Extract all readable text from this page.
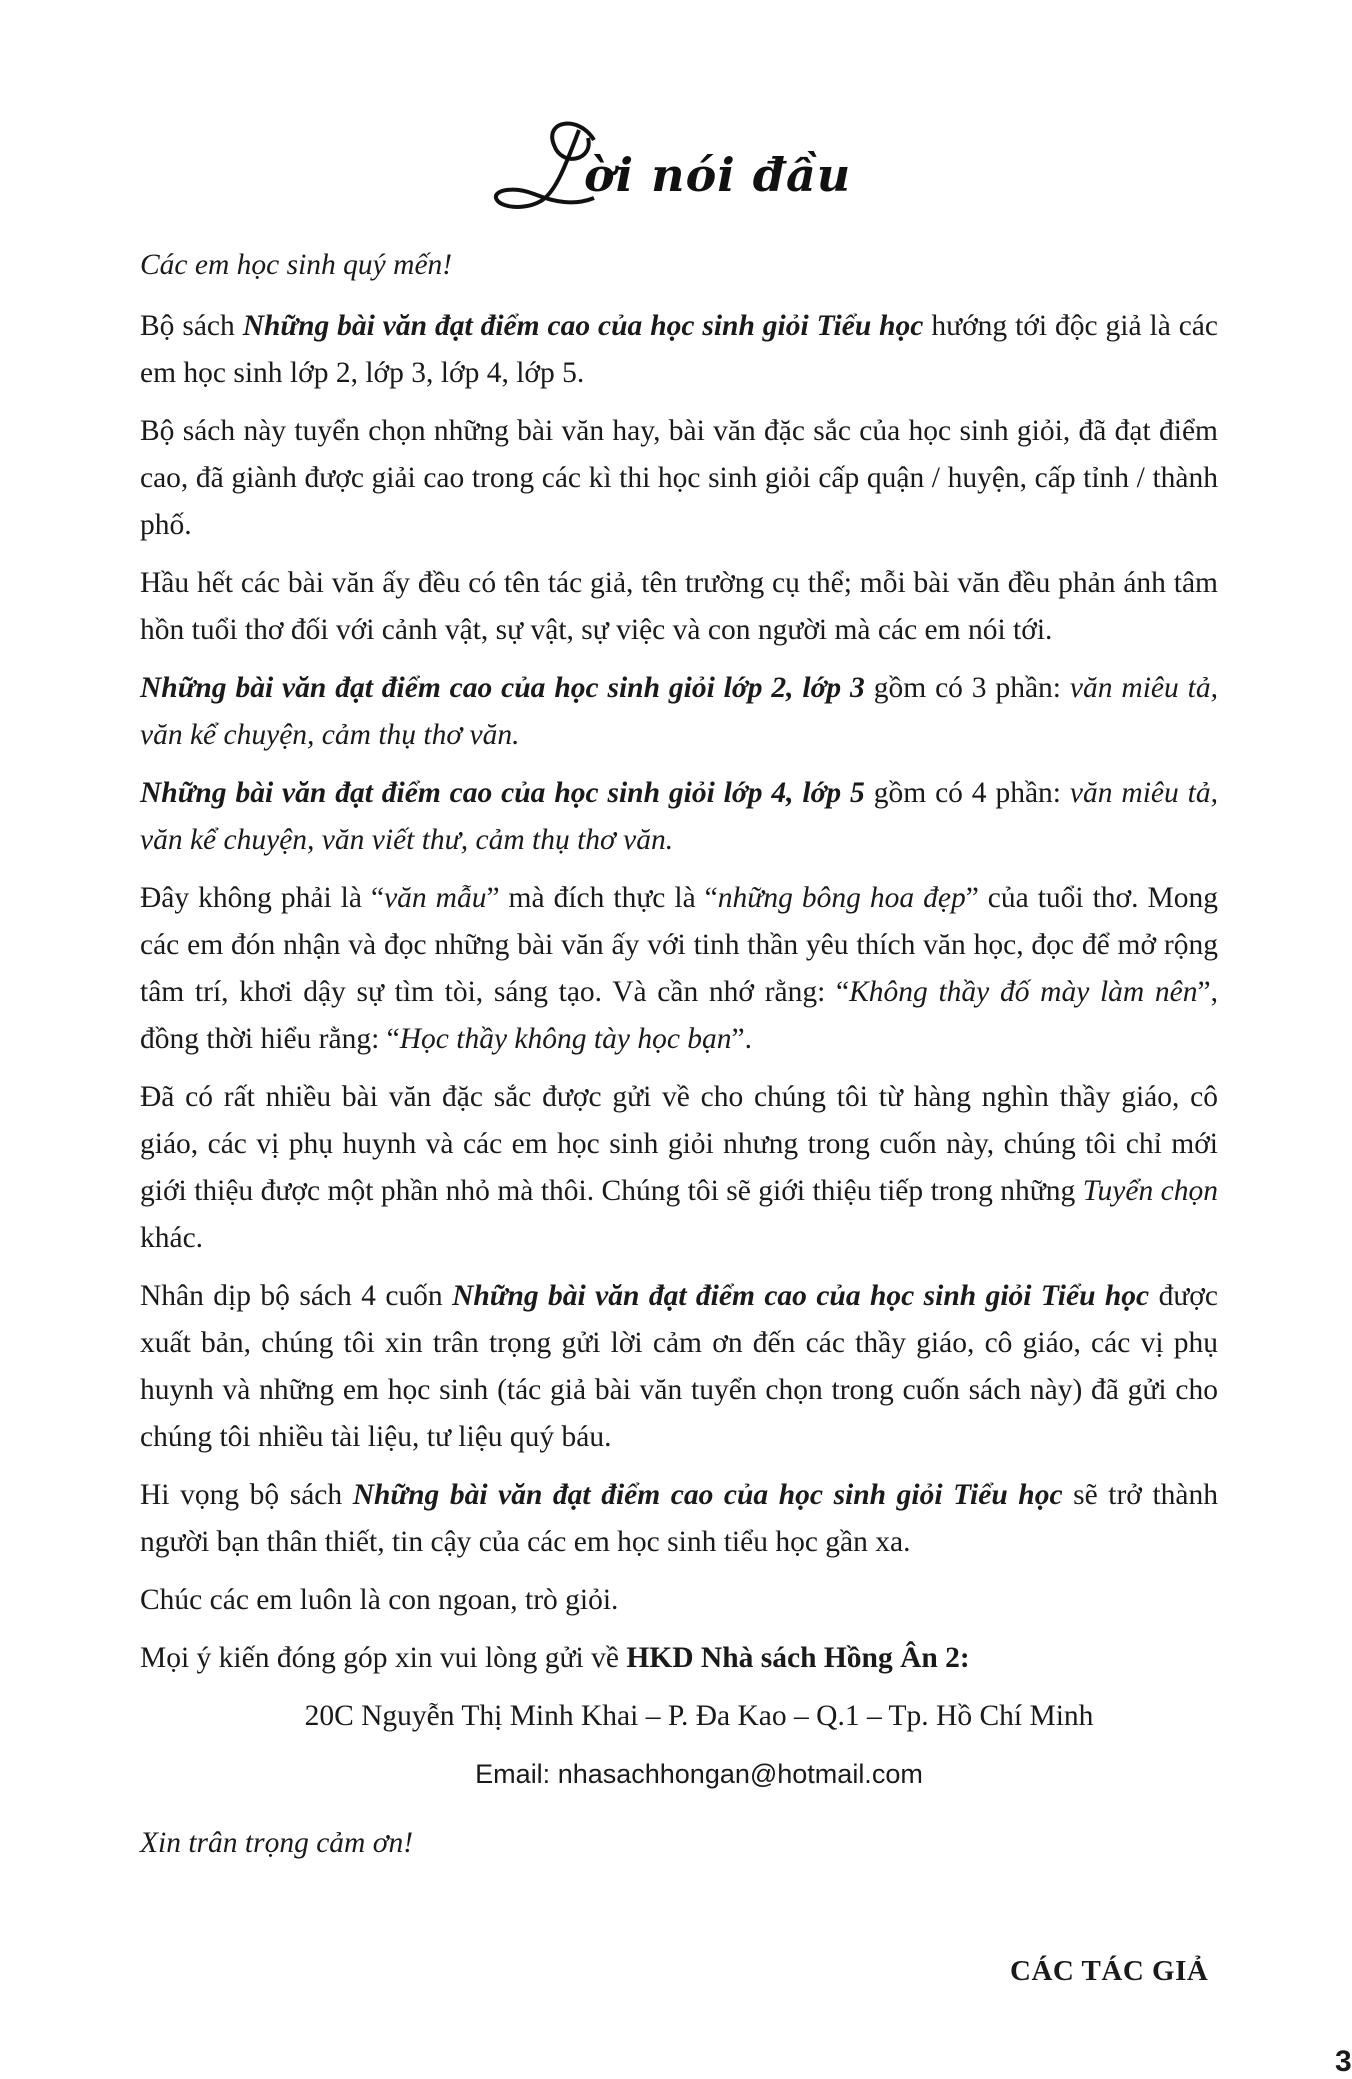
ời nói đầu

Các em học sinh quý mến!

Bộ sách Những bài văn đạt điểm cao của học sinh giỏi Tiểu học hướng tới độc giả là các em học sinh lớp 2, lớp 3, lớp 4, lớp 5.

Bộ sách này tuyển chọn những bài văn hay, bài văn đặc sắc của học sinh giỏi, đã đạt điểm cao, đã giành được giải cao trong các kì thi học sinh giỏi cấp quận / huyện, cấp tỉnh / thành phố.

Hầu hết các bài văn ấy đều có tên tác giả, tên trường cụ thể; mỗi bài văn đều phản ánh tâm hồn tuổi thơ đối với cảnh vật, sự vật, sự việc và con người mà các em nói tới.

Những bài văn đạt điểm cao của học sinh giỏi lớp 2, lớp 3 gồm có 3 phần: văn miêu tả, văn kể chuyện, cảm thụ thơ văn.

Những bài văn đạt điểm cao của học sinh giỏi lớp 4, lớp 5 gồm có 4 phần: văn miêu tả, văn kể chuyện, văn viết thư, cảm thụ thơ văn.

Đây không phải là “văn mẫu” mà đích thực là “những bông hoa đẹp” của tuổi thơ. Mong các em đón nhận và đọc những bài văn ấy với tinh thần yêu thích văn học, đọc để mở rộng tâm trí, khơi dậy sự tìm tòi, sáng tạo. Và cần nhớ rằng: “Không thầy đố mày làm nên”, đồng thời hiểu rằng: “Học thầy không tày học bạn”.

Đã có rất nhiều bài văn đặc sắc được gửi về cho chúng tôi từ hàng nghìn thầy giáo, cô giáo, các vị phụ huynh và các em học sinh giỏi nhưng trong cuốn này, chúng tôi chỉ mới giới thiệu được một phần nhỏ mà thôi. Chúng tôi sẽ giới thiệu tiếp trong những Tuyển chọn khác.

Nhân dịp bộ sách 4 cuốn Những bài văn đạt điểm cao của học sinh giỏi Tiểu học được xuất bản, chúng tôi xin trân trọng gửi lời cảm ơn đến các thầy giáo, cô giáo, các vị phụ huynh và những em học sinh (tác giả bài văn tuyển chọn trong cuốn sách này) đã gửi cho chúng tôi nhiều tài liệu, tư liệu quý báu.

Hi vọng bộ sách Những bài văn đạt điểm cao của học sinh giỏi Tiểu học sẽ trở thành người bạn thân thiết, tin cậy của các em học sinh tiểu học gần xa.

Chúc các em luôn là con ngoan, trò giỏi.

Mọi ý kiến đóng góp xin vui lòng gửi về HKD Nhà sách Hồng Ân 2:

20C Nguyễn Thị Minh Khai – P. Đa Kao – Q.1 – Tp. Hồ Chí Minh

Email: nhasachhongan@hotmail.com

Xin trân trọng cảm ơn!

CÁC TÁC GIẢ
3
